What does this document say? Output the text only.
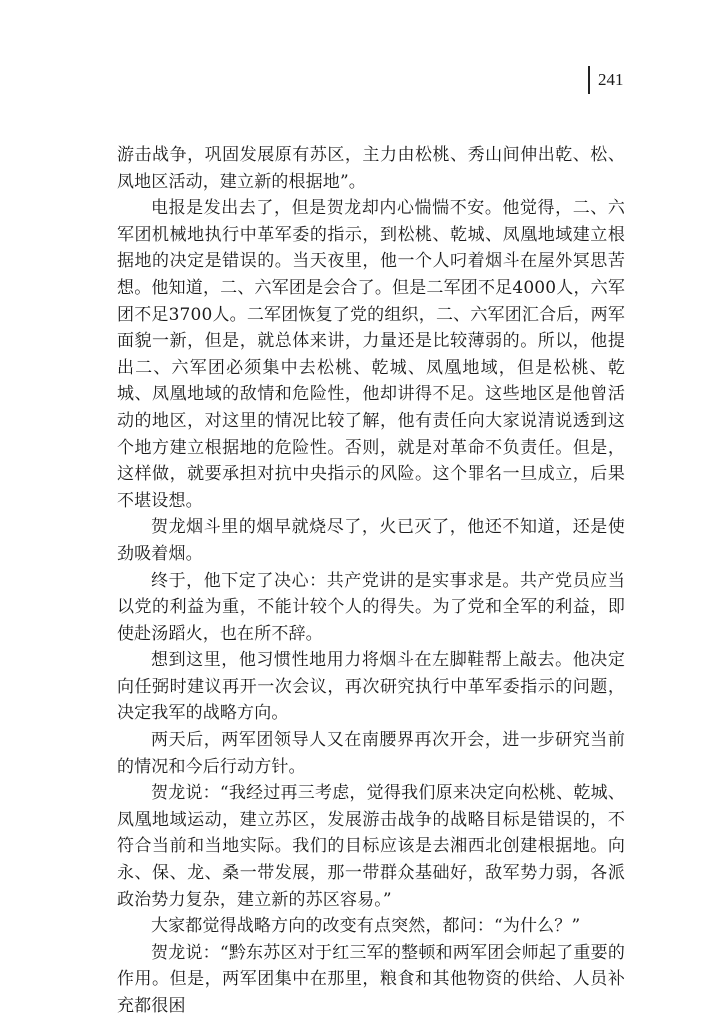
241

游击战争，巩固发展原有苏区，主力由松桃、秀山间伸出乾、松、凤地区活动，建立新的根据地”。

电报是发出去了，但是贺龙却内心惴惴不安。他觉得，二、六军团机械地执行中革军委的指示，到松桃、乾城、凤凰地域建立根据地的决定是错误的。当天夜里，他一个人叼着烟斗在屋外冥思苦想。他知道，二、六军团是会合了。但是二军团不足4000人，六军团不足3700人。二军团恢复了党的组织，二、六军团汇合后，两军面貌一新，但是，就总体来讲，力量还是比较薄弱的。所以，他提出二、六军团必须集中去松桃、乾城、凤凰地域，但是松桃、乾城、凤凰地域的敌情和危险性，他却讲得不足。这些地区是他曾活动的地区，对这里的情况比较了解，他有责任向大家说清说透到这个地方建立根据地的危险性。否则，就是对革命不负责任。但是，这样做，就要承担对抗中央指示的风险。这个罪名一旦成立，后果不堪设想。

贺龙烟斗里的烟早就烧尽了，火已灭了，他还不知道，还是使劲吸着烟。

终于，他下定了决心：共产党讲的是实事求是。共产党员应当以党的利益为重，不能计较个人的得失。为了党和全军的利益，即使赴汤蹈火，也在所不辞。

想到这里，他习惯性地用力将烟斗在左脚鞋帮上敲去。他决定向任弼时建议再开一次会议，再次研究执行中革军委指示的问题，决定我军的战略方向。

两天后，两军团领导人又在南腰界再次开会，进一步研究当前的情况和今后行动方针。

贺龙说：“我经过再三考虑，觉得我们原来决定向松桃、乾城、凤凰地域运动，建立苏区，发展游击战争的战略目标是错误的，不符合当前和当地实际。我们的目标应该是去湘西北创建根据地。向永、保、龙、桑一带发展，那一带群众基础好，敌军势力弱，各派政治势力复杂，建立新的苏区容易。”

大家都觉得战略方向的改变有点突然，都问：“为什么？”

贺龙说：“黔东苏区对于红三军的整顿和两军团会师起了重要的作用。但是，两军团集中在那里，粮食和其他物资的供给、人员补充都很困
